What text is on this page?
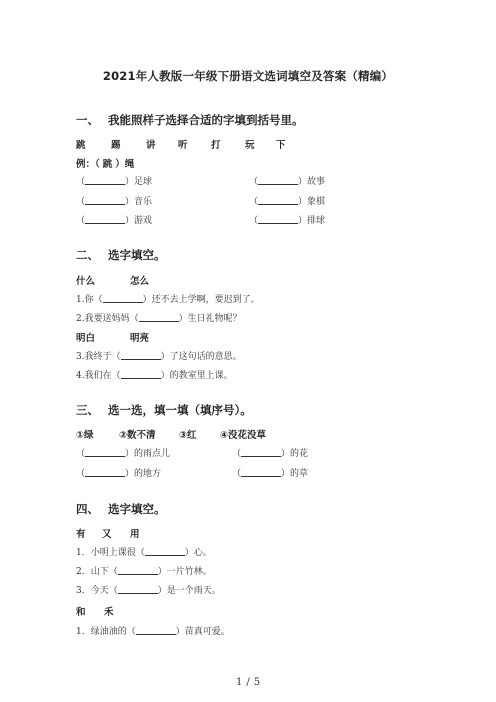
2021年人教版一年级下册语文选词填空及答案（精编）
一、 我能照样子选择合适的字填到括号里。
跳	踢	讲 听 打	玩 下
例：（ 跳 ）绳
（	）足球	（	）故事
（	）音乐	（	）象棋
（	）游戏	（	）排球
二、 选字填空。
什么	怎么
1.你（	）还不去上学啊，要迟到了。
2.我要送妈妈（	）生日礼物呢？
明白	明亮
3.我终于（	）了这句话的意思。
4.我们在（	）的教室里上课。
三、 选一选，填一填（填序号）。
①绿	②数不清 ③红 ④没花没草
（	）的雨点儿	（	）的花
（	）的地方	（	）的草
四、 选字填空。
有 又 用
1．小明上课很（	）心。
2．山下（	）一片竹林。
3．今天（	）是一个雨天。
和 禾
1．绿油油的（	）苗真可爱。
1 / 5
